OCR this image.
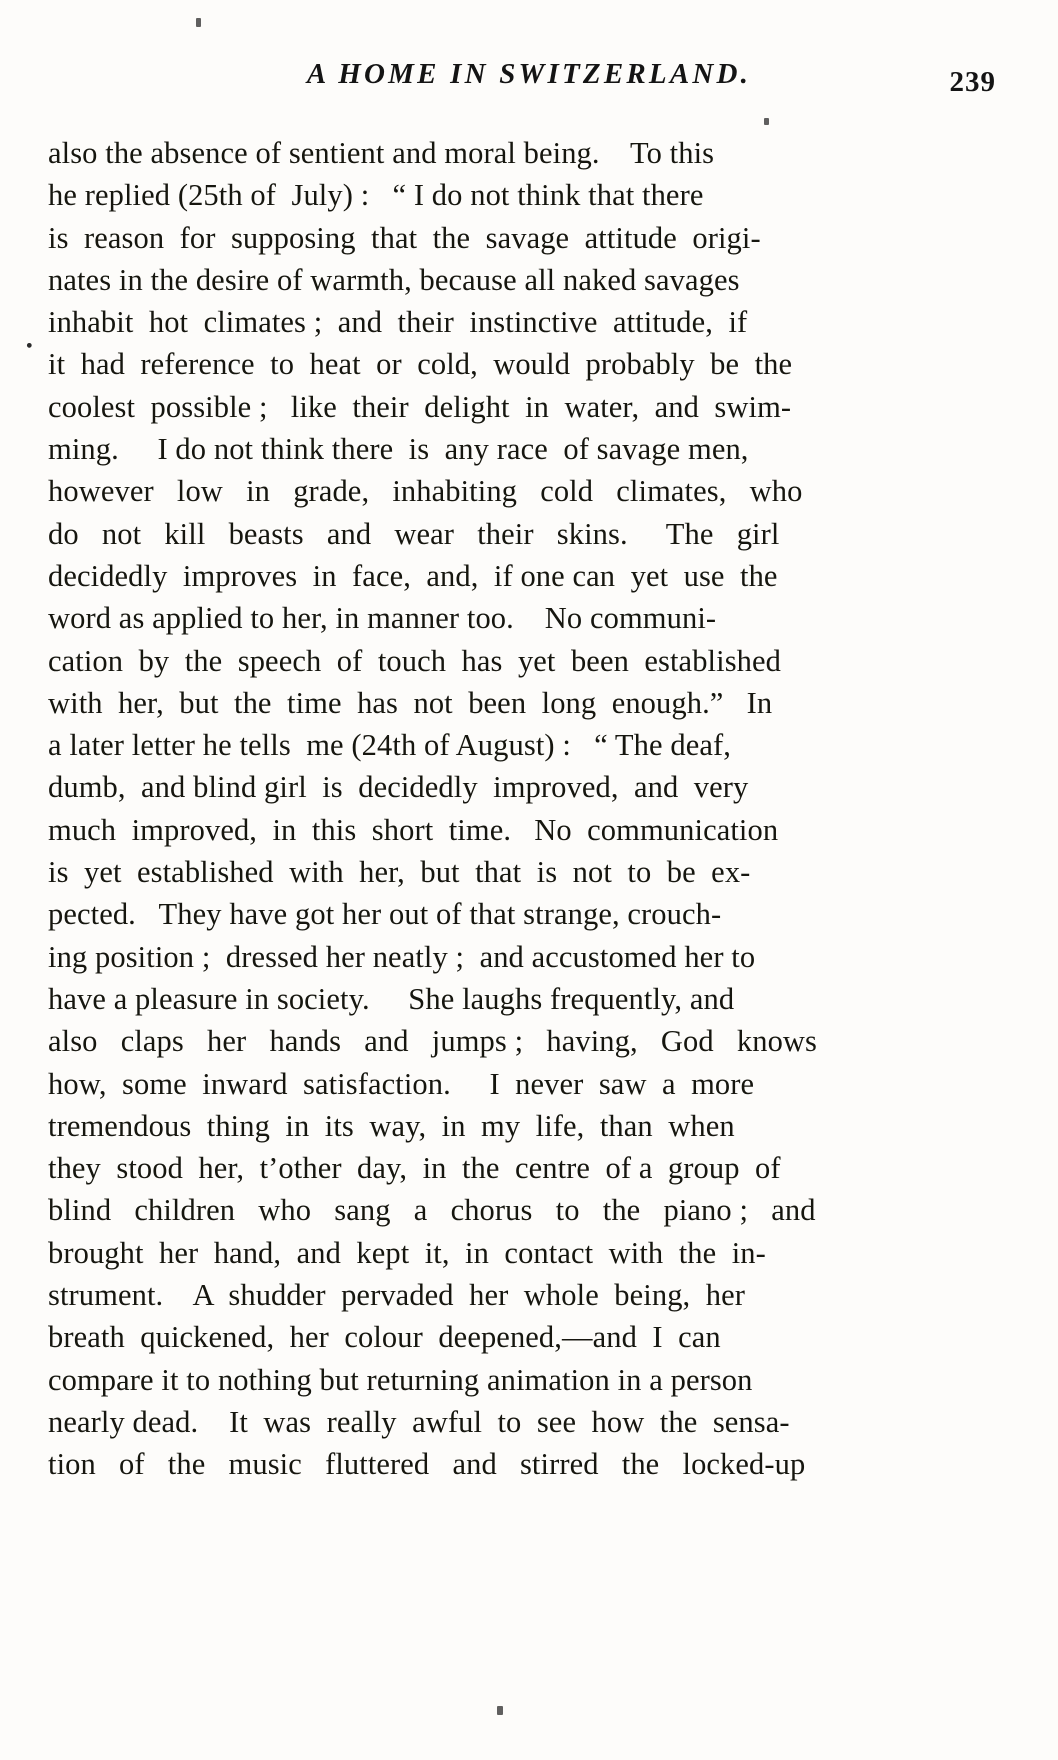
A HOME IN SWITZERLAND.	239
•
also the absence of sentient and moral being.    To this
he replied (25th of  July) :   “ I do not think that there
is  reason  for  supposing  that  the  savage  attitude  origi-
nates in the desire of warmth, because all naked savages
inhabit  hot  climates ;  and  their  instinctive  attitude,  if
it  had  reference  to  heat  or  cold,  would  probably  be  the
coolest  possible ;   like  their  delight  in  water,  and  swim-
ming.     I do not think there  is  any race  of savage men,
however   low   in   grade,   inhabiting   cold   climates,   who
do   not   kill   beasts   and   wear   their   skins.     The   girl
decidedly  improves  in  face,  and,  if one can  yet  use  the
word as applied to her, in manner too.    No communi-
cation  by  the  speech  of  touch  has  yet  been  established
with  her,  but  the  time  has  not  been  long  enough.”   In
a later letter he tells  me (24th of August) :   “ The deaf,
dumb,  and blind girl  is  decidedly  improved,  and  very
much  improved,  in  this  short  time.   No  communication
is  yet  established  with  her,  but  that  is  not  to  be  ex-
pected.   They have got her out of that strange, crouch-
ing position ;  dressed her neatly ;  and accustomed her to
have a pleasure in society.     She laughs frequently, and
also   claps   her   hands   and   jumps ;   having,   God   knows
how,  some  inward  satisfaction.     I  never  saw  a  more
tremendous  thing  in  its  way,  in  my  life,  than  when
they  stood  her,  t’other  day,  in  the  centre  of a  group  of
blind   children   who   sang   a   chorus   to   the   piano ;   and
brought  her  hand,  and  kept  it,  in  contact  with  the  in-
strument.    A  shudder  pervaded  her  whole  being,  her
breath  quickened,  her  colour  deepened,—and  I  can
compare it to nothing but returning animation in a person
nearly dead.    It  was  really  awful  to  see  how  the  sensa-
tion   of   the   music   fluttered   and   stirred   the   locked-up
